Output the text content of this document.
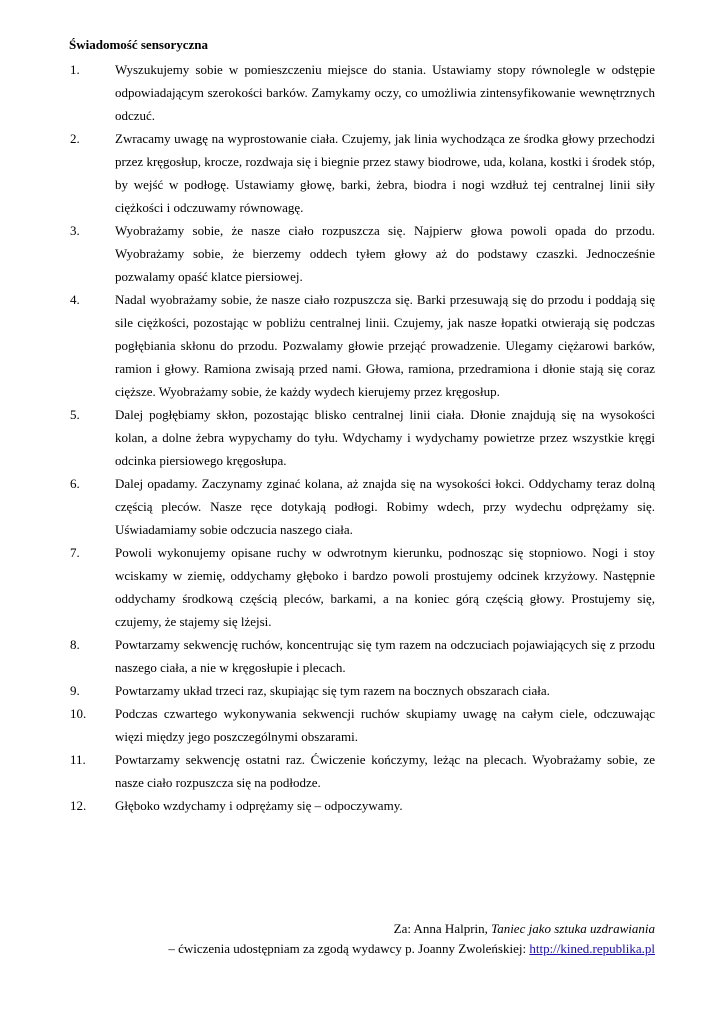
Świadomość sensoryczna
1.	Wyszukujemy sobie w pomieszczeniu miejsce do stania. Ustawiamy stopy równolegle w odstępie odpowiadającym szerokości barków. Zamykamy oczy, co umożliwia zintensyfikowanie wewnętrznych odczuć.
2.	Zwracamy uwagę na wyprostowanie ciała. Czujemy, jak linia wychodząca ze środka głowy przechodzi przez kręgosłup, krocze, rozdwaja się i biegnie przez stawy biodrowe, uda, kolana, kostki i środek stóp, by wejść w podłogę. Ustawiamy głowę, barki, żebra, biodra i nogi wzdłuż tej centralnej linii siły ciężkości i odczuwamy równowagę.
3.	Wyobrażamy sobie, że nasze ciało rozpuszcza się. Najpierw głowa powoli opada do przodu. Wyobrażamy sobie, że bierzemy oddech tyłem głowy aż do podstawy czaszki. Jednocześnie pozwalamy opaść klatce piersiowej.
4.	Nadal wyobrażamy sobie, że nasze ciało rozpuszcza się. Barki przesuwają się do przodu i poddają się sile ciężkości, pozostając w pobliżu centralnej linii. Czujemy, jak nasze łopatki otwierają się podczas pogłębiania skłonu do przodu. Pozwalamy głowie przejąć prowadzenie. Ulegamy ciężarowi barków, ramion i głowy. Ramiona zwisają przed nami. Głowa, ramiona, przedramiona i dłonie stają się coraz cięższe. Wyobrażamy sobie, że każdy wydech kierujemy przez kręgosłup.
5.	Dalej pogłębiamy skłon, pozostając blisko centralnej linii ciała. Dłonie znajdują się na wysokości kolan, a dolne żebra wypychamy do tyłu. Wdychamy i wydychamy powietrze przez wszystkie kręgi odcinka piersiowego kręgosłupa.
6.	Dalej opadamy. Zaczynamy zginać kolana, aż znajda się na wysokości łokci. Oddychamy teraz dolną częścią pleców. Nasze ręce dotykają podłogi. Robimy wdech, przy wydechu odprężamy się. Uświadamiamy sobie odczucia naszego ciała.
7.	Powoli wykonujemy opisane ruchy w odwrotnym kierunku, podnosząc się stopniowo. Nogi i stoy wciskamy w ziemię, oddychamy głęboko i bardzo powoli prostujemy odcinek krzyżowy. Następnie oddychamy środkową częścią pleców, barkami, a na koniec górą częścią głowy. Prostujemy się, czujemy, że stajemy się lżejsi.
8.	Powtarzamy sekwencję ruchów, koncentrując się tym razem na odczuciach pojawiających się z przodu naszego ciała, a nie w kręgosłupie i plecach.
9.	Powtarzamy układ trzeci raz, skupiając się tym razem na bocznych obszarach ciała.
10.	Podczas czwartego wykonywania sekwencji ruchów skupiamy uwagę na całym ciele, odczuwając więzi między jego poszczególnymi obszarami.
11.	Powtarzamy sekwencję ostatni raz. Ćwiczenie kończymy, leżąc na plecach. Wyobrażamy sobie, ze nasze ciało rozpuszcza się na podłodze.
12.	Głęboko wzdychamy i odprężamy się – odpoczywamy.
Za: Anna Halprin, Taniec jako sztuka uzdrawiania
– ćwiczenia udostępniam za zgodą wydawcy p. Joanny Zwoleńskiej: http://kined.republika.pl
